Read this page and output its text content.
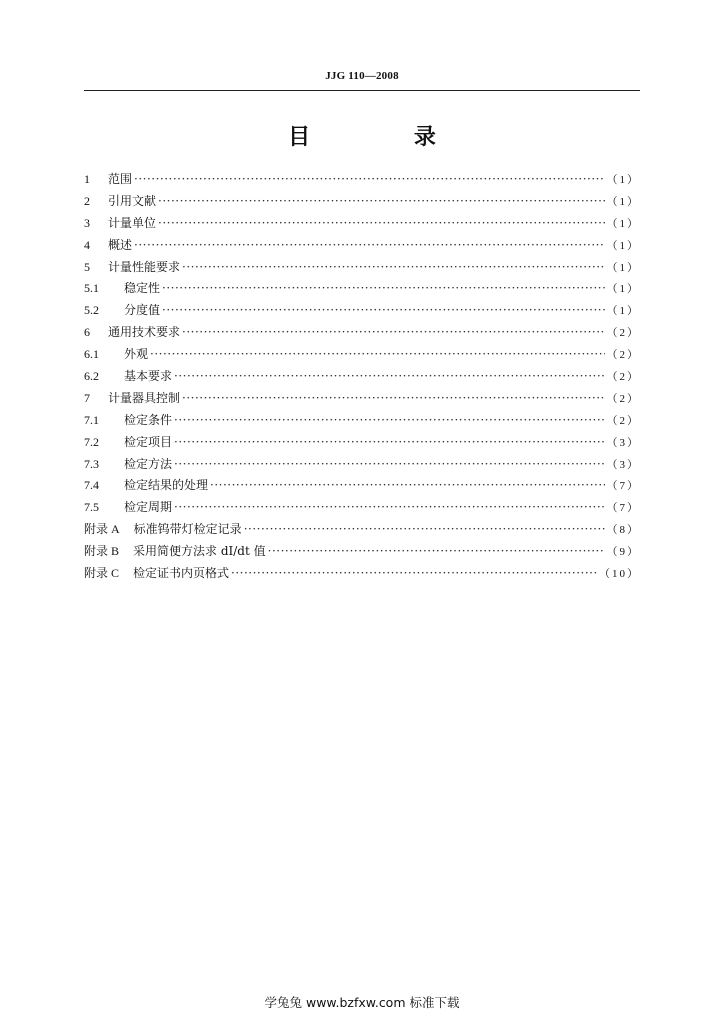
JJG 110—2008
目 录
1	范围 ·····	（1）
2	引用文献 ·····	（1）
3	计量单位 ·····	（1）
4	概述 ·····	（1）
5	计量性能要求 ·····	（1）
5.1	稳定性 ·····	（1）
5.2	分度值 ·····	（1）
6	通用技术要求 ·····	（2）
6.1	外观 ·····	（2）
6.2	基本要求 ·····	（2）
7	计量器具控制 ·····	（2）
7.1	检定条件 ·····	（2）
7.2	检定项目 ·····	（3）
7.3	检定方法 ·····	（3）
7.4	检定结果的处理 ·····	（7）
7.5	检定周期 ·····	（7）
附录 A 标准钨带灯检定记录 ·····	（8）
附录 B 采用简便方法求 dI/dt 值 ·····	（9）
附录 C 检定证书内页格式 ·····	（10）
学兔兔 www.bzfxw.com 标准下载
